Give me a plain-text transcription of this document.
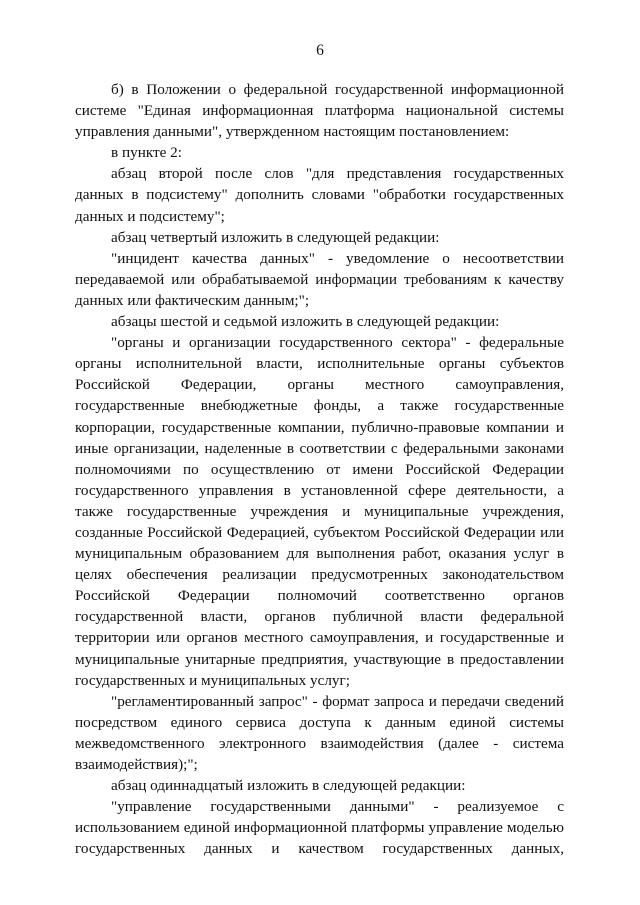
6

б) в Положении о федеральной государственной информационной системе "Единая информационная платформа национальной системы управления данными", утвержденном настоящим постановлением:

в пункте 2:

абзац второй после слов "для представления государственных данных в подсистему" дополнить словами "обработки государственных данных и подсистему";

абзац четвертый изложить в следующей редакции:

"инцидент качества данных" - уведомление о несоответствии передаваемой или обрабатываемой информации требованиям к качеству данных или фактическим данным;";

абзацы шестой и седьмой изложить в следующей редакции:

"органы и организации государственного сектора" - федеральные органы исполнительной власти, исполнительные органы субъектов Российской Федерации, органы местного самоуправления, государственные внебюджетные фонды, а также государственные корпорации, государственные компании, публично-правовые компании и иные организации, наделенные в соответствии с федеральными законами полномочиями по осуществлению от имени Российской Федерации государственного управления в установленной сфере деятельности, а также государственные учреждения и муниципальные учреждения, созданные Российской Федерацией, субъектом Российской Федерации или муниципальным образованием для выполнения работ, оказания услуг в целях обеспечения реализации предусмотренных законодательством Российской Федерации полномочий соответственно органов государственной власти, органов публичной власти федеральной территории или органов местного самоуправления, и государственные и муниципальные унитарные предприятия, участвующие в предоставлении государственных и муниципальных услуг;

"регламентированный запрос" - формат запроса и передачи сведений посредством единого сервиса доступа к данным единой системы межведомственного электронного взаимодействия (далее - система взаимодействия);";

абзац одиннадцатый изложить в следующей редакции:

"управление государственными данными" - реализуемое с использованием единой информационной платформы управление моделью государственных данных и качеством государственных данных,
